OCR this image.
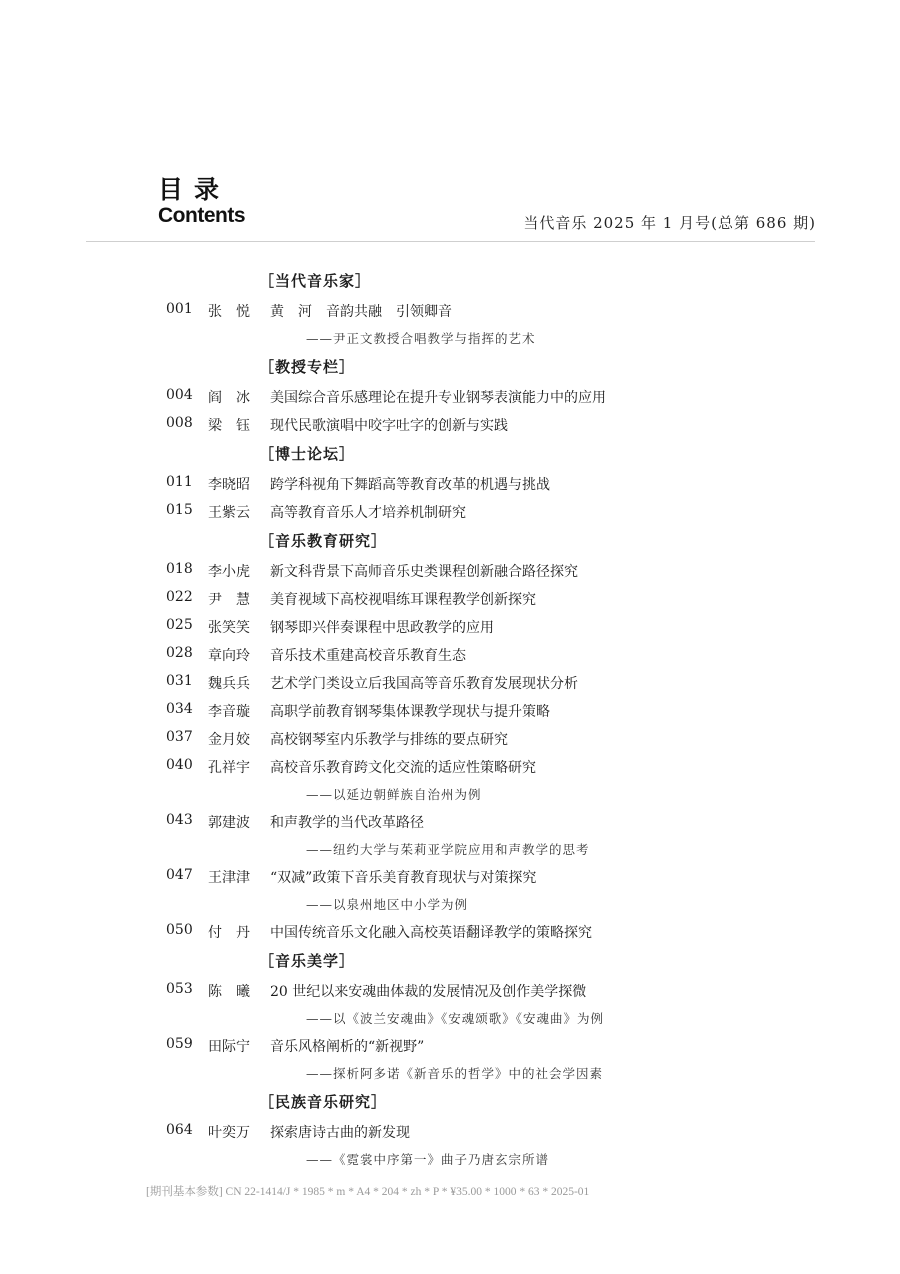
目录
Contents	当代音乐 2025 年 1 月号(总第 686 期)
［当代音乐家］
001 张　悦 黄　河　音韵共融　引领卿音
——尹正文教授合唱教学与指挥的艺术
［教授专栏］
004 阎　冰 美国综合音乐感理论在提升专业钢琴表演能力中的应用
008 梁　钰 现代民歌演唱中咬字吐字的创新与实践
［博士论坛］
011 李晓昭 跨学科视角下舞蹈高等教育改革的机遇与挑战
015 王紫云 高等教育音乐人才培养机制研究
［音乐教育研究］
018 李小虎 新文科背景下高师音乐史类课程创新融合路径探究
022 尹　慧 美育视域下高校视唱练耳课程教学创新探究
025 张笑笑 钢琴即兴伴奏课程中思政教学的应用
028 章向玲 音乐技术重建高校音乐教育生态
031 魏兵兵 艺术学门类设立后我国高等音乐教育发展现状分析
034 李音璇 高职学前教育钢琴集体课教学现状与提升策略
037 金月姣 高校钢琴室内乐教学与排练的要点研究
040 孔祥宇 高校音乐教育跨文化交流的适应性策略研究
——以延边朝鲜族自治州为例
043 郭建波 和声教学的当代改革路径
——纽约大学与茱莉亚学院应用和声教学的思考
047 王津津 “双减”政策下音乐美育教育现状与对策探究
——以泉州地区中小学为例
050 付　丹 中国传统音乐文化融入高校英语翻译教学的策略探究
［音乐美学］
053 陈　曦 20 世纪以来安魂曲体裁的发展情况及创作美学探微
——以《波兰安魂曲》《安魂颂歌》《安魂曲》为例
059 田际宁 音乐风格阐析的“新视野”
——探析阿多诺《新音乐的哲学》中的社会学因素
［民族音乐研究］
064 叶奕万 探索唐诗古曲的新发现
——《霓裳中序第一》曲子乃唐玄宗所谱
[期刊基本参数] CN 22-1414/J * 1985 * m * A4 * 204 * zh * P * ¥35.00 * 1000 * 63 * 2025-01
